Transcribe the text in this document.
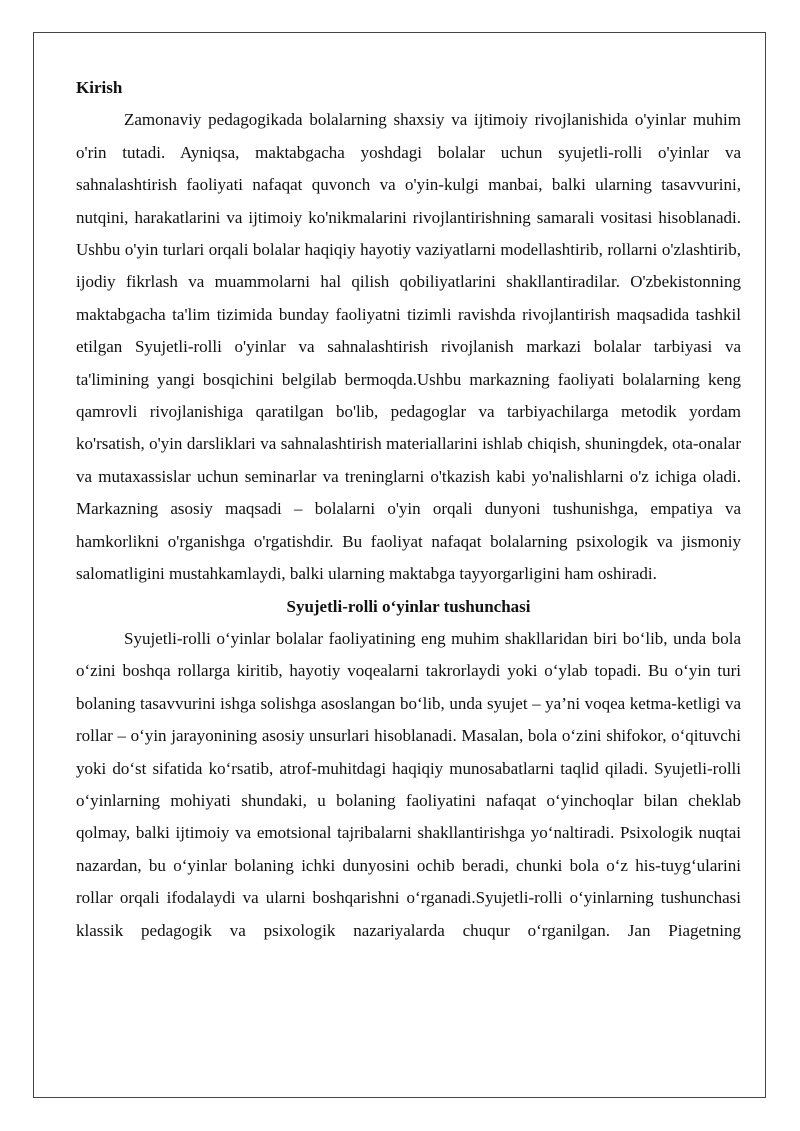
Kirish

Zamonaviy pedagogikada bolalarning shaxsiy va ijtimoiy rivojlanishida o'yinlar muhim o'rin tutadi. Ayniqsa, maktabgacha yoshdagi bolalar uchun syujetli-rolli o'yinlar va sahnalashtirish faoliyati nafaqat quvonch va o'yin-kulgi manbai, balki ularning tasavvurini, nutqini, harakatlarini va ijtimoiy ko'nikmalarini rivojlantirishning samarali vositasi hisoblanadi. Ushbu o'yin turlari orqali bolalar haqiqiy hayotiy vaziyatlarni modellashtirib, rollarni o'zlashtirib, ijodiy fikrlash va muammolarni hal qilish qobiliyatlarini shakllantiradilar. O'zbekistonning maktabgacha ta'lim tizimida bunday faoliyatni tizimli ravishda rivojlantirish maqsadida tashkil etilgan Syujetli-rolli o'yinlar va sahnalashtirish rivojlanish markazi bolalar tarbiyasi va ta'limining yangi bosqichini belgilab bermoqda.Ushbu markazning faoliyati bolalarning keng qamrovli rivojlanishiga qaratilgan bo'lib, pedagoglar va tarbiyachilarga metodik yordam ko'rsatish, o'yin darsliklari va sahnalashtirish materiallarini ishlab chiqish, shuningdek, ota-onalar va mutaxassislar uchun seminarlar va treninglarni o'tkazish kabi yo'nalishlarni o'z ichiga oladi. Markazning asosiy maqsadi – bolalarni o'yin orqali dunyoni tushunishga, empatiya va hamkorlikni o'rganishga o'rgatishdir. Bu faoliyat nafaqat bolalarning psixologik va jismoniy salomatligini mustahkamlaydi, balki ularning maktabga tayyorgarligini ham oshiradi.

Syujetli-rolli o‘yinlar tushunchasi

Syujetli-rolli o‘yinlar bolalar faoliyatining eng muhim shakllaridan biri bo‘lib, unda bola o‘zini boshqa rollarga kiritib, hayotiy voqealarni takrorlaydi yoki o‘ylab topadi. Bu o‘yin turi bolaning tasavvurini ishga solishga asoslangan bo‘lib, unda syujet – ya’ni voqea ketma-ketligi va rollar – o‘yin jarayonining asosiy unsurlari hisoblanadi. Masalan, bola o‘zini shifokor, o‘qituvchi yoki do‘st sifatida ko‘rsatib, atrof-muhitdagi haqiqiy munosabatlarni taqlid qiladi. Syujetli-rolli o‘yinlarning mohiyati shundaki, u bolaning faoliyatini nafaqat o‘yinchoqlar bilan cheklab qolmay, balki ijtimoiy va emotsional tajribalarni shakllantirishga yo‘naltiradi. Psixologik nuqtai nazardan, bu o‘yinlar bolaning ichki dunyosini ochib beradi, chunki bola o‘z his-tuyg‘ularini rollar orqali ifodalaydi va ularni boshqarishni o‘rganadi.Syujetli-rolli o‘yinlarning tushunchasi klassik pedagogik va psixologik nazariyalarda chuqur o‘rganilgan. Jan Piagetning
